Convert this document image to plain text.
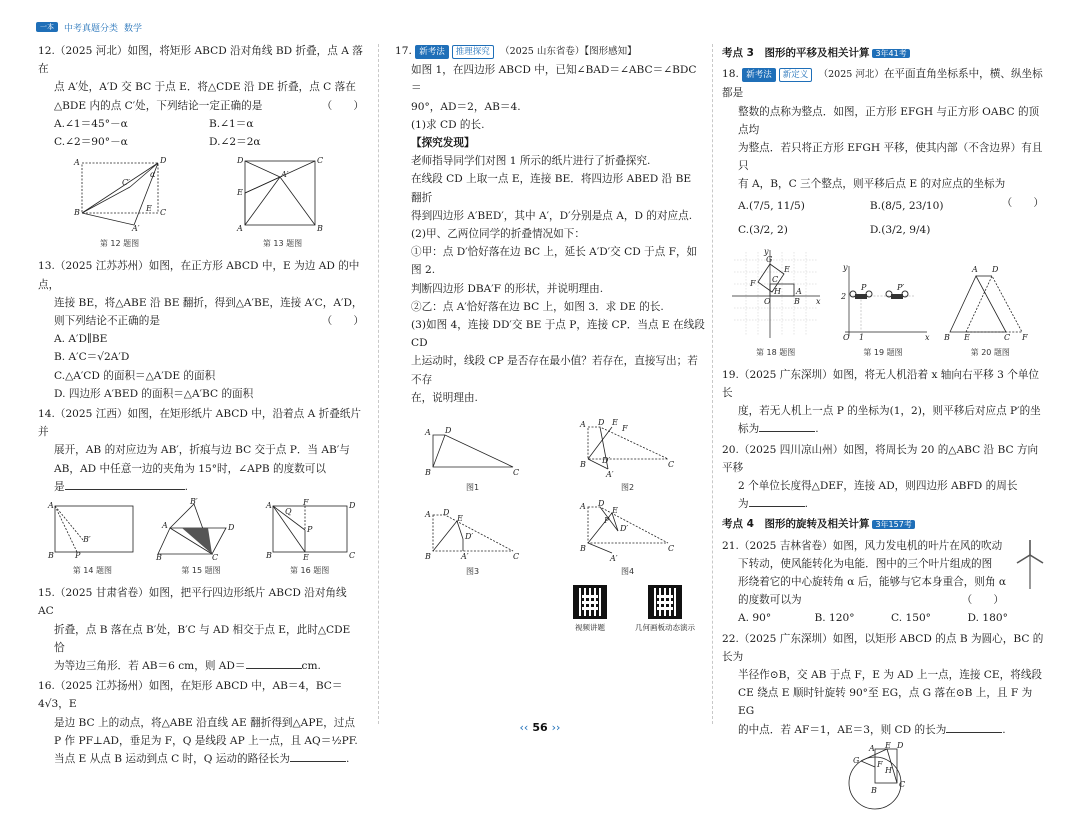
一本	中考真题分类 数学
12.（2025 河北）如图，将矩形 ABCD 沿对角线 BD 折叠，点 A 落在
点 A′处，A′D 交 BC 于点 E．将△CDE 沿 DE 折叠，点 C 落在
△BDE 内的点 C′处，下列结论一定正确的是	（　　）
A.∠1＝45°－α	B.∠1＝α
C.∠2＝90°－α	D.∠2＝2α
A
B
D
C
A′
C′
E
α
第 12 题图
D	C
E
A′
A	B
第 13 题图
13.（2025 江苏苏州）如图，在正方形 ABCD 中，E 为边 AD 的中点，
连接 BE，将△ABE 沿 BE 翻折，得到△A′BE，连接 A′C，A′D，
则下列结论不正确的是	（　　）
A. A′D∥BE
B. A′C＝√2A′D
C.△A′CD 的面积＝△A′DE 的面积
D. 四边形 A′BED 的面积＝△A′BC 的面积
14.（2025 江西）如图，在矩形纸片 ABCD 中，沿着点 A 折叠纸片并
展开，AB 的对应边为 AB′，折痕与边 BC 交于点 P．当 AB′与
AB，AD 中任意一边的夹角为 15°时，∠APB 的度数可以
是	.
A
B	P
B′
第 14 题图
B′
A	D
B	C
第 15 题图
A	F	D
Q
P
B	E	C
第 16 题图
15.（2025 甘肃省卷）如图，把平行四边形纸片 ABCD 沿对角线 AC
折叠，点 B 落在点 B′处，B′C 与 AD 相交于点 E，此时△CDE 恰
为等边三角形．若 AB＝6 cm，则 AD＝	cm.
16.（2025 江苏扬州）如图，在矩形 ABCD 中，AB＝4，BC＝4√3，E
是边 BC 上的动点，将△ABE 沿直线 AE 翻折得到△APE，过点
P 作 PF⊥AD，垂足为 F，Q 是线段 AP 上一点，且 AQ＝½PF.
当点 E 从点 B 运动到点 C 时，Q 运动的路径长为	.
17. 新考法 推理探究 （2025 山东省卷）【图形感知】
如图 1，在四边形 ABCD 中，已知∠BAD＝∠ABC＝∠BDC＝
90°，AD＝2，AB＝4.
(1)求 CD 的长.
【探究发现】
老师指导同学们对图 1 所示的纸片进行了折叠探究.
在线段 CD 上取一点 E，连接 BE．将四边形 ABED 沿 BE 翻折
得到四边形 A′BED′，其中 A′，D′分别是点 A，D 的对应点.
(2)甲、乙两位同学的折叠情况如下：
①甲：点 D′恰好落在边 BC 上，延长 A′D′交 CD 于点 F，如图 2.
判断四边形 DBA′F 的形状，并说明理由.
②乙：点 A′恰好落在边 BC 上，如图 3．求 DE 的长.
(3)如图 4，连接 DD′交 BE 于点 P，连接 CP．当点 E 在线段 CD
上运动时，线段 CP 是否存在最小值？若存在，直接写出；若不存
在，说明理由.
A D
B	C
图1
A D E
F
B D′
A′
C
图2
A D
E
D′
B	A′	C
图3
A D
E
P
D′
B
A′
C
图4
视频讲题	几何画板动态演示
考点 3　图形的平移及相关计算 3年41考
18. 新考法 新定义 （2025 河北）在平面直角坐标系中，横、纵坐标都是
整数的点称为整点．如图，正方形 EFGH 与正方形 OABC 的顶点均
为整点．若只将正方形 EFGH 平移，使其内部（不含边界）有且只
有 A，B，C 三个整点，则平移后点 E 的对应点的坐标为
（　　）
A.(7/5, 11/5)	B.(8/5, 23/10)
C.(3/2, 2)	D.(3/2, 9/4)
x
y
O
E
F
G
H A
B
C
第 18 题图
P	P′
O 1
2
x
y
第 19 题图
A D
B E	C F
第 20 题图
19.（2025 广东深圳）如图，将无人机沿着 x 轴向右平移 3 个单位长
度，若无人机上一点 P 的坐标为(1，2)，则平移后对应点 P′的坐
标为	.
20.（2025 四川凉山州）如图，将周长为 20 的△ABC 沿 BC 方向平移
2 个单位长度得△DEF，连接 AD，则四边形 ABFD 的周长
为	.
考点 4　图形的旋转及相关计算 3年157考
21.（2025 吉林省卷）如图，风力发电机的叶片在风的吹动
下转动，使风能转化为电能．图中的三个叶片组成的图
形绕着它的中心旋转角 α 后，能够与它本身重合，则角 α
的度数可以为	（　　）
A. 90°	B. 120°	C. 150°	D. 180°
22.（2025 广东深圳）如图，以矩形 ABCD 的点 B 为圆心，BC 的长为
半径作⊙B，交 AB 于点 F，E 为 AD 上一点，连接 CE，将线段
CE 绕点 E 顺时针旋转 90°至 EG，点 G 落在⊙B 上，且 F 为 EG
的中点．若 AF＝1，AE＝3，则 CD 的长为	.
G
A E D
F
H
B
C
‹‹ 56 ››
